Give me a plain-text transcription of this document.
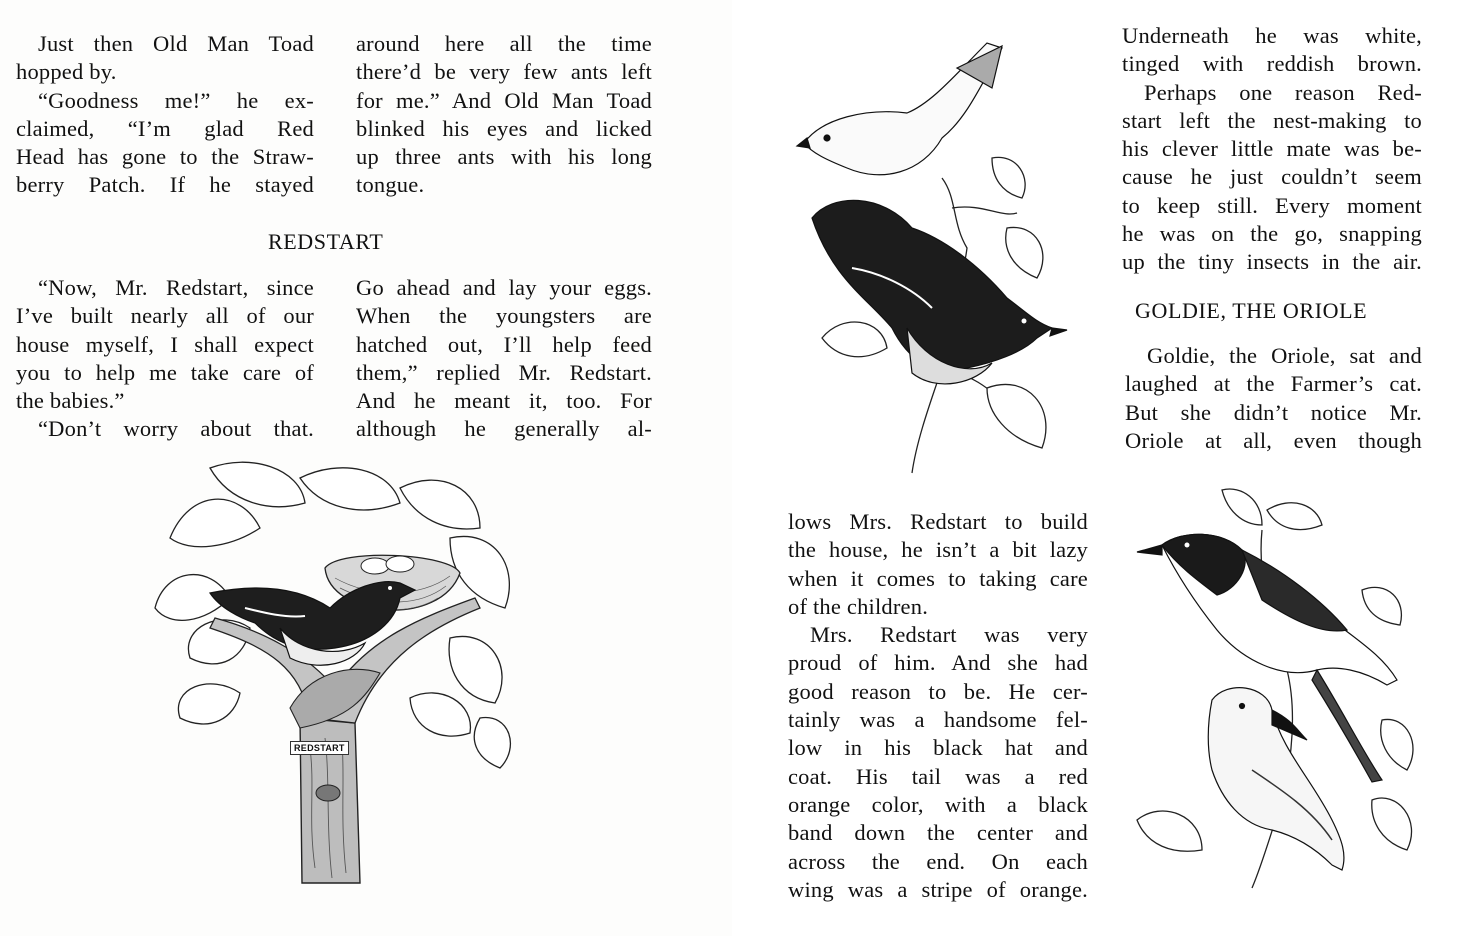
Just then Old Man Toad
hopped by.
“Goodness me!” he ex-
claimed, “I’m glad Red
Head has gone to the Straw-
berry Patch. If he stayed
around here all the time
there’d be very few ants left
for me.” And Old Man Toad
blinked his eyes and licked
up three ants with his long
tongue.
REDSTART
“Now, Mr. Redstart, since
I’ve built nearly all of our
house myself, I shall expect
you to help me take care of
the babies.”
“Don’t worry about that.
Go ahead and lay your eggs.
When the youngsters are
hatched out, I’ll help feed
them,” replied Mr. Redstart.
And he meant it, too. For
although he generally al-
REDSTART
Underneath he was white,
tinged with reddish brown.
Perhaps one reason Red-
start left the nest-making to
his clever little mate was be-
cause he just couldn’t seem
to keep still. Every moment
he was on the go, snapping
up the tiny insects in the air.
GOLDIE, THE ORIOLE
Goldie, the Oriole, sat and
laughed at the Farmer’s cat.
But she didn’t notice Mr.
Oriole at all, even though
lows Mrs. Redstart to build
the house, he isn’t a bit lazy
when it comes to taking care
of the children.
Mrs. Redstart was very
proud of him. And she had
good reason to be. He cer-
tainly was a handsome fel-
low in his black hat and
coat. His tail was a red
orange color, with a black
band down the center and
across the end. On each
wing was a stripe of orange.
